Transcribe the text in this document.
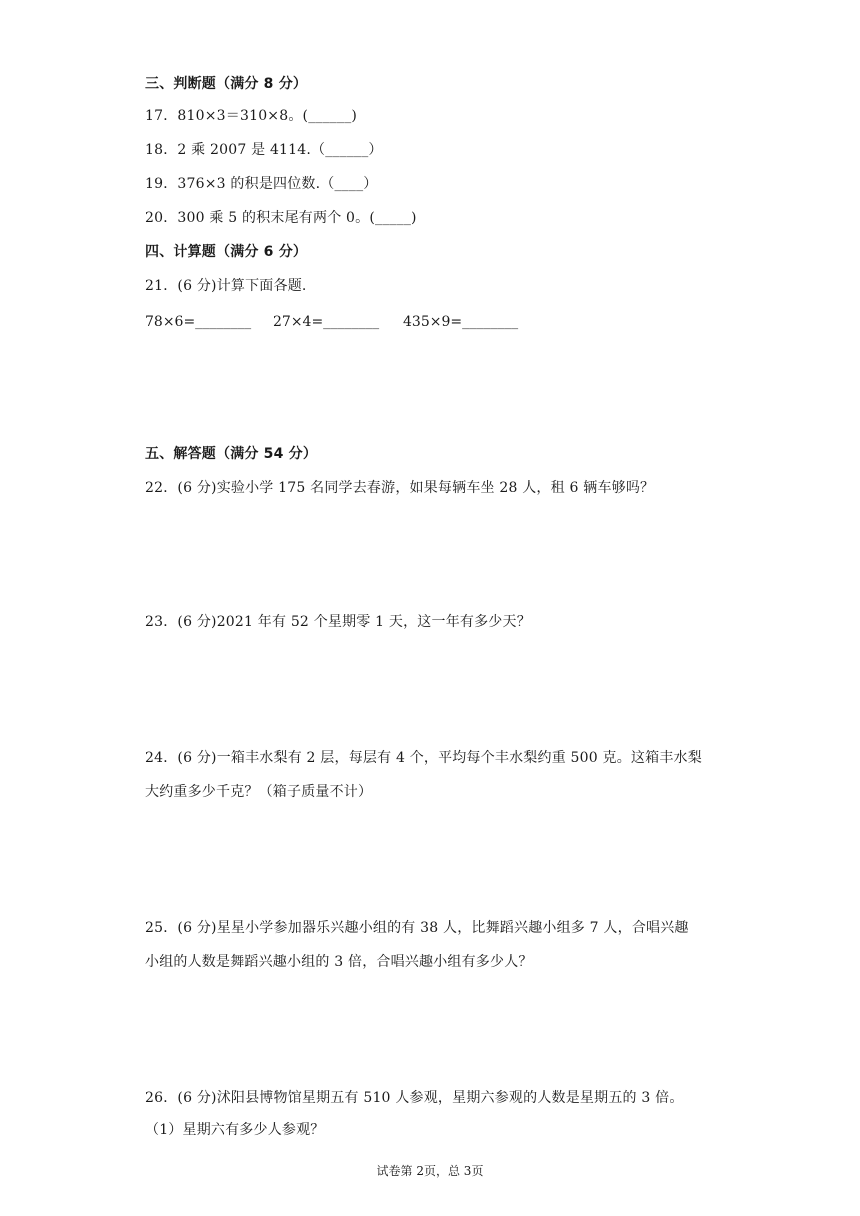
三、判断题（满分 8 分）
17．810×3＝310×8。(______)
18．2 乘 2007 是 4114.（______）
19．376×3 的积是四位数.（____）
20．300 乘 5 的积末尾有两个 0。(_____)
四、计算题（满分 6 分）
21．(6 分)计算下面各题.
78×6=________ 27×4=________ 435×9=________
五、解答题（满分 54 分）
22．(6 分)实验小学 175 名同学去春游，如果每辆车坐 28 人，租 6 辆车够吗？
23．(6 分)2021 年有 52 个星期零 1 天，这一年有多少天？
24．(6 分)一箱丰水梨有 2 层，每层有 4 个，平均每个丰水梨约重 500 克。这箱丰水梨
大约重多少千克？（箱子质量不计）
25．(6 分)星星小学参加器乐兴趣小组的有 38 人，比舞蹈兴趣小组多 7 人，合唱兴趣
小组的人数是舞蹈兴趣小组的 3 倍，合唱兴趣小组有多少人？
26．(6 分)沭阳县博物馆星期五有 510 人参观，星期六参观的人数是星期五的 3 倍。
（1）星期六有多少人参观？
试卷第 2页，总 3页
